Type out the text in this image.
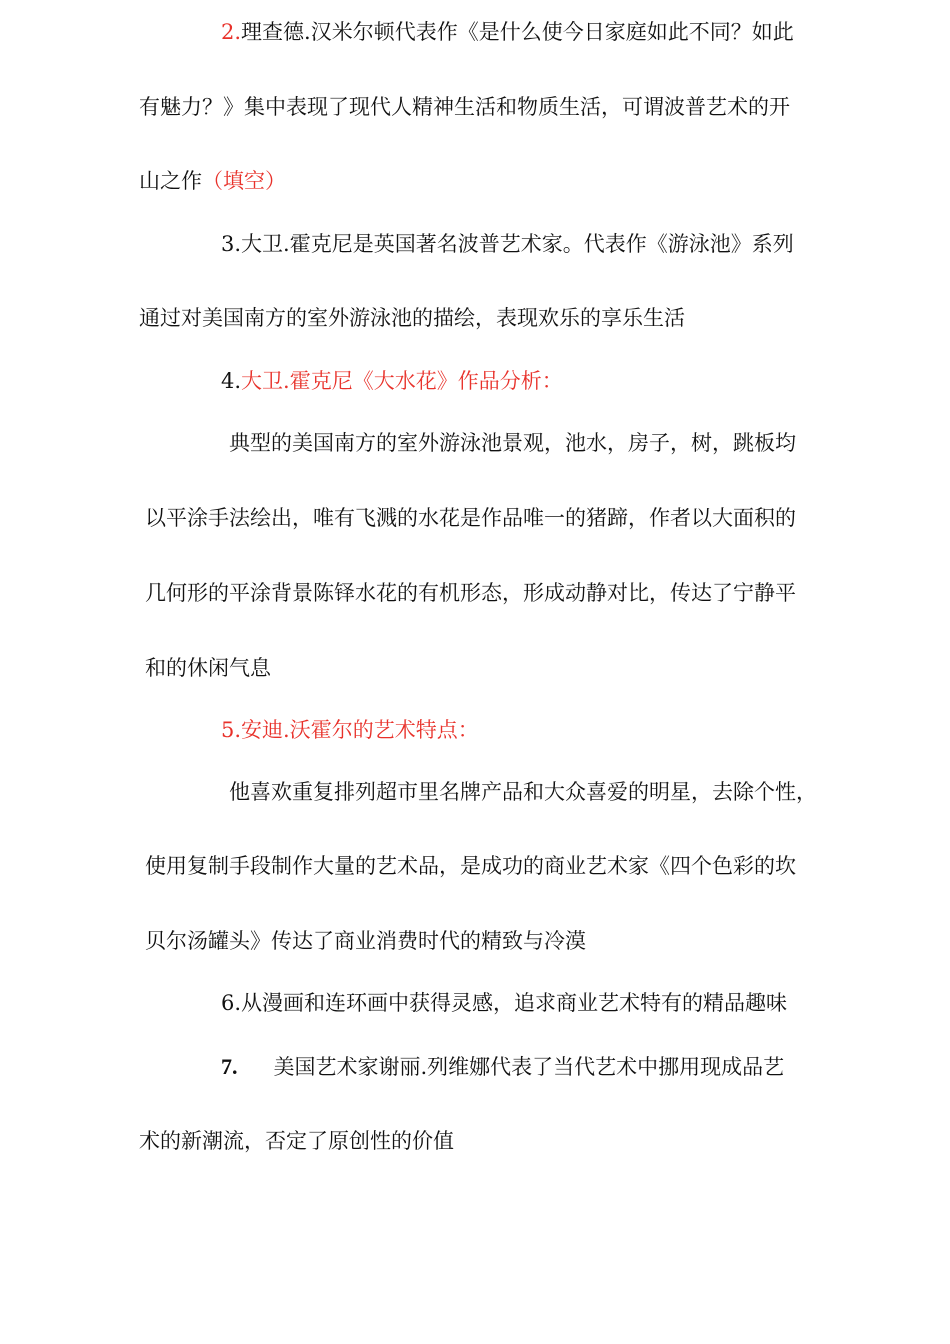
2.理查德.汉米尔顿代表作《是什么使今日家庭如此不同？如此
有魅力？》集中表现了现代人精神生活和物质生活，可谓波普艺术的开
山之作（填空）
3.大卫.霍克尼是英国著名波普艺术家。代表作《游泳池》系列
通过对美国南方的室外游泳池的描绘，表现欢乐的享乐生活
4.大卫.霍克尼《大水花》作品分析：
典型的美国南方的室外游泳池景观，池水，房子，树，跳板均
以平涂手法绘出，唯有飞溅的水花是作品唯一的猪蹄，作者以大面积的
几何形的平涂背景陈铎水花的有机形态，形成动静对比，传达了宁静平
和的休闲气息
5.安迪.沃霍尔的艺术特点：
他喜欢重复排列超市里名牌产品和大众喜爱的明星，去除个性，
使用复制手段制作大量的艺术品，是成功的商业艺术家《四个色彩的坎
贝尔汤罐头》传达了商业消费时代的精致与冷漠
6.从漫画和连环画中获得灵感，追求商业艺术特有的精品趣味
7. 美国艺术家谢丽.列维娜代表了当代艺术中挪用现成品艺
术的新潮流，否定了原创性的价值
